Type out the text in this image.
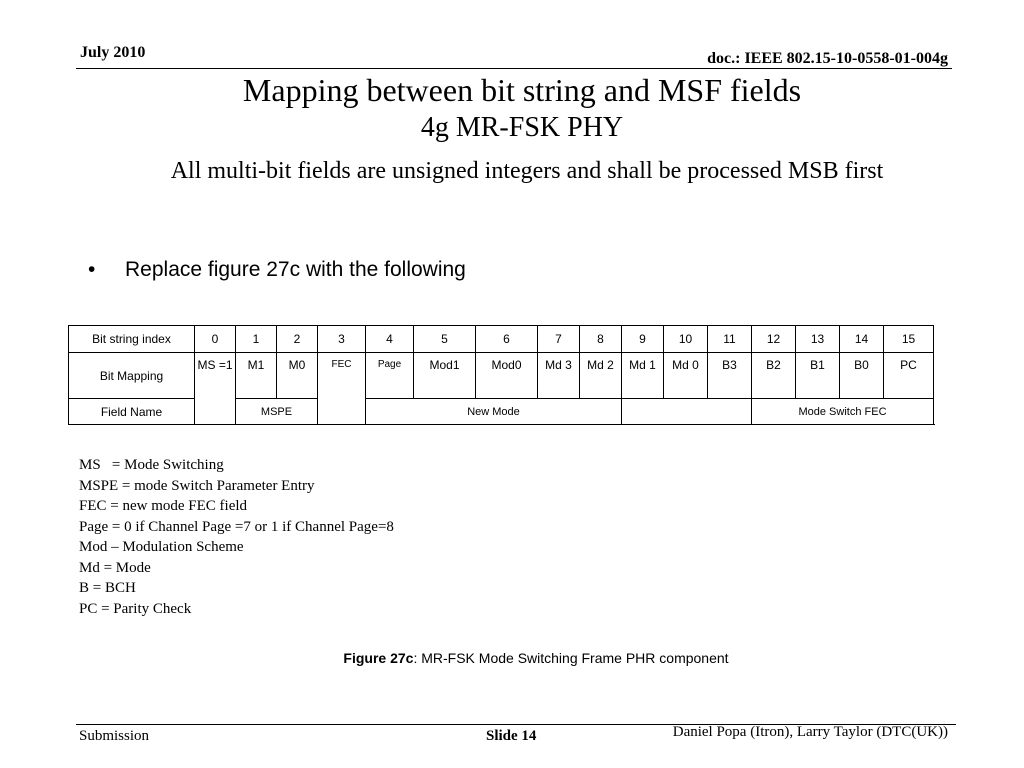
July 2010	doc.: IEEE 802.15-10-0558-01-004g
Mapping between bit string and MSF fields
4g MR-FSK PHY
All multi-bit fields are unsigned integers and shall be processed MSB first
• Replace figure 27c with the following
Bit string index	0	1	2	3	4	5	6	7	8	9	10	11	12	13	14	15
Bit Mapping	MS =1	M1	M0	FEC	Page	Mod1	Mod0	Md 3	Md 2	Md 1	Md 0	B3	B2	B1	B0	PC
Field Name		MSPE			New Mode								Mode Switch FEC			
MS   = Mode Switching
MSPE = mode Switch Parameter Entry
FEC = new mode FEC field
Page = 0 if Channel Page =7 or 1 if Channel Page=8
Mod – Modulation Scheme
Md = Mode
B = BCH
PC = Parity Check
Figure 27c: MR-FSK Mode Switching Frame PHR component
Submission	Slide 14	Daniel Popa (Itron), Larry Taylor (DTC(UK))
